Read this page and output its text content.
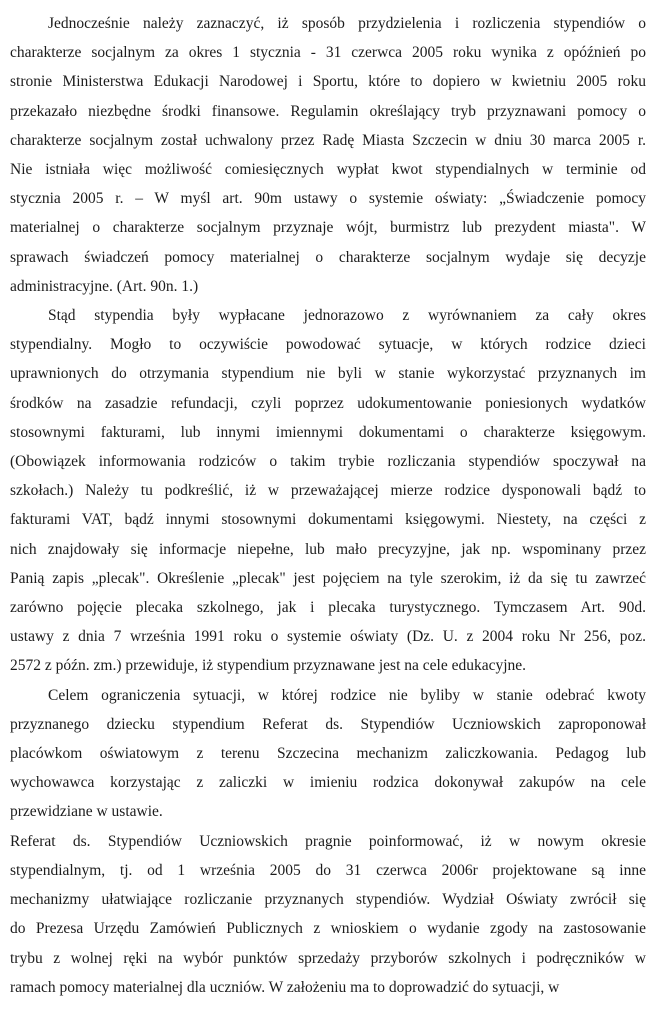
Jednocześnie należy zaznaczyć, iż sposób przydzielenia i rozliczenia stypendiów o
charakterze socjalnym za okres 1 stycznia - 31 czerwca 2005 roku wynika z opóźnień po
stronie Ministerstwa Edukacji Narodowej i Sportu, które to dopiero w kwietniu 2005 roku
przekazało niezbędne środki finansowe. Regulamin określający tryb przyznawani pomocy o
charakterze socjalnym został uchwalony przez Radę Miasta Szczecin w dniu 30 marca 2005 r.
Nie istniała więc możliwość comiesięcznych wypłat kwot stypendialnych w terminie od
stycznia 2005 r. – W myśl art. 90m ustawy o systemie oświaty: „Świadczenie pomocy
materialnej o charakterze socjalnym przyznaje wójt, burmistrz lub prezydent miasta". W
sprawach świadczeń pomocy materialnej o charakterze socjalnym wydaje się decyzje
administracyjne. (Art. 90n. 1.)
Stąd stypendia były wypłacane jednorazowo z wyrównaniem za cały okres
stypendialny. Mogło to oczywiście powodować sytuacje, w których rodzice dzieci
uprawnionych do otrzymania stypendium nie byli w stanie wykorzystać przyznanych im
środków na zasadzie refundacji, czyli poprzez udokumentowanie poniesionych wydatków
stosownymi fakturami, lub innymi imiennymi dokumentami o charakterze księgowym.
(Obowiązek informowania rodziców o takim trybie rozliczania stypendiów spoczywał na
szkołach.) Należy tu podkreślić, iż w przeważającej mierze rodzice dysponowali bądź to
fakturami VAT, bądź innymi stosownymi dokumentami księgowymi. Niestety, na części z
nich znajdowały się informacje niepełne, lub mało precyzyjne, jak np. wspominany przez
Panią zapis „plecak". Określenie „plecak" jest pojęciem na tyle szerokim, iż da się tu zawrzeć
zarówno pojęcie plecaka szkolnego, jak i plecaka turystycznego. Tymczasem Art. 90d.
ustawy z dnia 7 września 1991 roku o systemie oświaty (Dz. U. z 2004 roku Nr 256, poz.
2572 z późn. zm.) przewiduje, iż stypendium przyznawane jest na cele edukacyjne.
Celem ograniczenia sytuacji, w której rodzice nie byliby w stanie odebrać kwoty
przyznanego dziecku stypendium Referat ds. Stypendiów Uczniowskich zaproponował
placówkom oświatowym z terenu Szczecina mechanizm zaliczkowania. Pedagog lub
wychowawca korzystając z zaliczki w imieniu rodzica dokonywał zakupów na cele
przewidziane w ustawie.
Referat ds. Stypendiów Uczniowskich pragnie poinformować, iż w nowym okresie
stypendialnym, tj. od 1 września 2005 do 31 czerwca 2006r projektowane są inne
mechanizmy ułatwiające rozliczanie przyznanych stypendiów. Wydział Oświaty zwrócił się
do Prezesa Urzędu Zamówień Publicznych z wnioskiem o wydanie zgody na zastosowanie
trybu z wolnej ręki na wybór punktów sprzedaży przyborów szkolnych i podręczników w
ramach pomocy materialnej dla uczniów. W założeniu ma to doprowadzić do sytuacji, w
